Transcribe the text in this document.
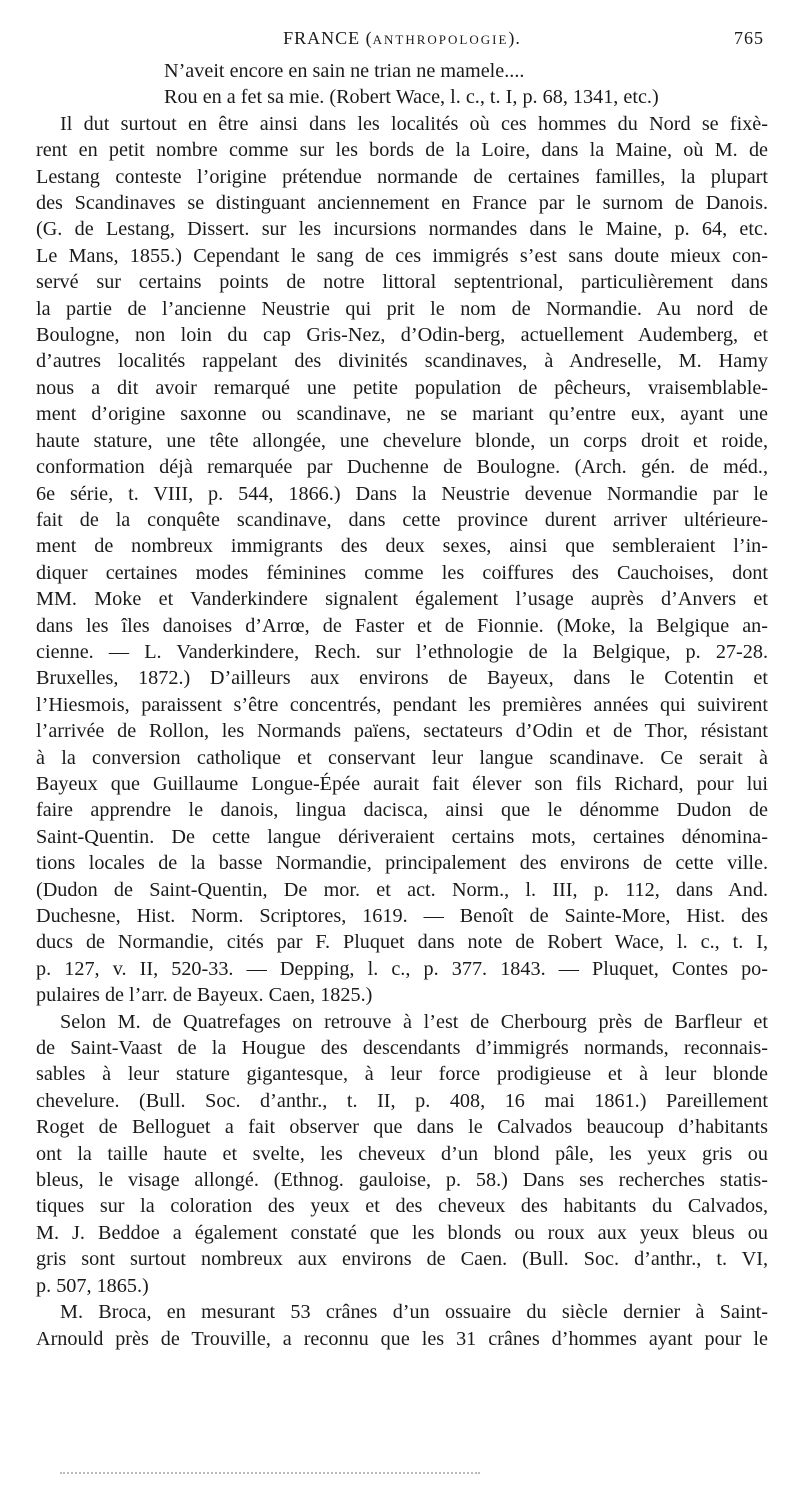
FRANCE (ANTHROPOLOGIE).	765
N’aveit encore en sain ne trian ne mamele....
Rou en a fet sa mie. (Robert Wace, l. c., t. I, p. 68, 1341, etc.)
Il dut surtout en être ainsi dans les localités où ces hommes du Nord se fixè-
rent en petit nombre comme sur les bords de la Loire, dans la Maine, où M. de
Lestang conteste l’origine prétendue normande de certaines familles, la plupart
des Scandinaves se distinguant anciennement en France par le surnom de Danois.
(G. de Lestang, Dissert. sur les incursions normandes dans le Maine, p. 64, etc.
Le Mans, 1855.) Cependant le sang de ces immigrés s’est sans doute mieux con-
servé sur certains points de notre littoral septentrional, particulièrement dans
la partie de l’ancienne Neustrie qui prit le nom de Normandie. Au nord de
Boulogne, non loin du cap Gris-Nez, d’Odin-berg, actuellement Audemberg, et
d’autres localités rappelant des divinités scandinaves, à Andreselle, M. Hamy
nous a dit avoir remarqué une petite population de pêcheurs, vraisemblable-
ment d’origine saxonne ou scandinave, ne se mariant qu’entre eux, ayant une
haute stature, une tête allongée, une chevelure blonde, un corps droit et roide,
conformation déjà remarquée par Duchenne de Boulogne. (Arch. gén. de méd.,
6e série, t. VIII, p. 544, 1866.) Dans la Neustrie devenue Normandie par le
fait de la conquête scandinave, dans cette province durent arriver ultérieure-
ment de nombreux immigrants des deux sexes, ainsi que sembleraient l’in-
diquer certaines modes féminines comme les coiffures des Cauchoises, dont
MM. Moke et Vanderkindere signalent également l’usage auprès d’Anvers et
dans les îles danoises d’Arrœ, de Faster et de Fionnie. (Moke, la Belgique an-
cienne. — L. Vanderkindere, Rech. sur l’ethnologie de la Belgique, p. 27-28.
Bruxelles, 1872.) D’ailleurs aux environs de Bayeux, dans le Cotentin et
l’Hiesmois, paraissent s’être concentrés, pendant les premières années qui suivirent
l’arrivée de Rollon, les Normands païens, sectateurs d’Odin et de Thor, résistant
à la conversion catholique et conservant leur langue scandinave. Ce serait à
Bayeux que Guillaume Longue-Épée aurait fait élever son fils Richard, pour lui
faire apprendre le danois, lingua dacisca, ainsi que le dénomme Dudon de
Saint-Quentin. De cette langue dériveraient certains mots, certaines dénomina-
tions locales de la basse Normandie, principalement des environs de cette ville.
(Dudon de Saint-Quentin, De mor. et act. Norm., l. III, p. 112, dans And.
Duchesne, Hist. Norm. Scriptores, 1619. — Benoît de Sainte-More, Hist. des
ducs de Normandie, cités par F. Pluquet dans note de Robert Wace, l. c., t. I,
p. 127, v. II, 520-33. — Depping, l. c., p. 377. 1843. — Pluquet, Contes po-
pulaires de l’arr. de Bayeux. Caen, 1825.)
Selon M. de Quatrefages on retrouve à l’est de Cherbourg près de Barfleur et
de Saint-Vaast de la Hougue des descendants d’immigrés normands, reconnais-
sables à leur stature gigantesque, à leur force prodigieuse et à leur blonde
chevelure. (Bull. Soc. d’anthr., t. II, p. 408, 16 mai 1861.) Pareillement
Roget de Belloguet a fait observer que dans le Calvados beaucoup d’habitants
ont la taille haute et svelte, les cheveux d’un blond pâle, les yeux gris ou
bleus, le visage allongé. (Ethnog. gauloise, p. 58.) Dans ses recherches statis-
tiques sur la coloration des yeux et des cheveux des habitants du Calvados,
M. J. Beddoe a également constaté que les blonds ou roux aux yeux bleus ou
gris sont surtout nombreux aux environs de Caen. (Bull. Soc. d’anthr., t. VI,
p. 507, 1865.)
M. Broca, en mesurant 53 crânes d’un ossuaire du siècle dernier à Saint-
Arnould près de Trouville, a reconnu que les 31 crânes d’hommes ayant pour le
